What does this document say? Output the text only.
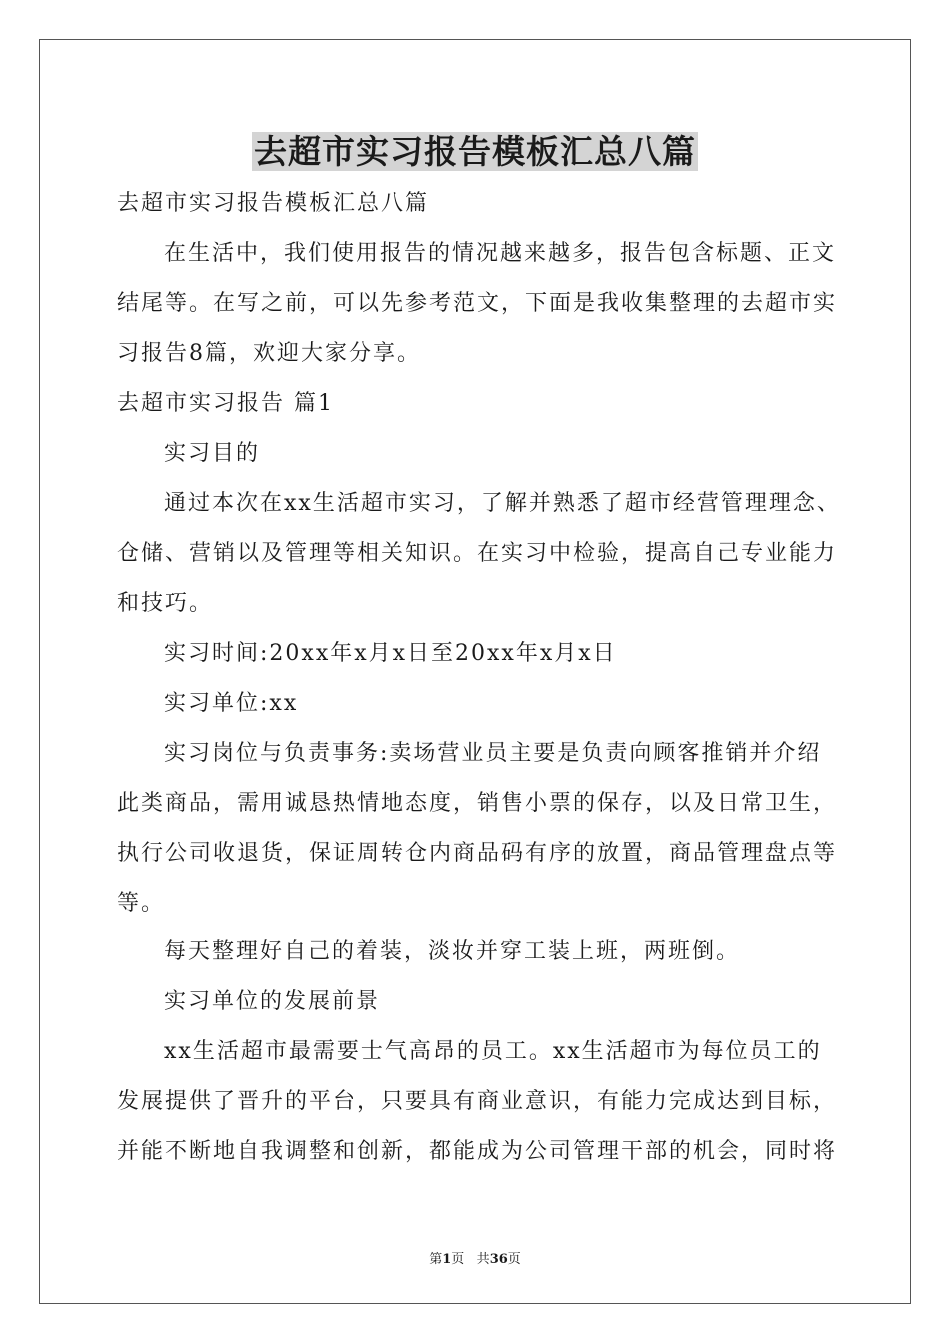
去超市实习报告模板汇总八篇
去超市实习报告模板汇总八篇
在生活中，我们使用报告的情况越来越多，报告包含标题、正文
结尾等。在写之前，可以先参考范文，下面是我收集整理的去超市实
习报告8篇，欢迎大家分享。
去超市实习报告 篇1
实习目的
通过本次在xx生活超市实习，了解并熟悉了超市经营管理理念、
仓储、营销以及管理等相关知识。在实习中检验，提高自己专业能力
和技巧。
实习时间:20xx年x月x日至20xx年x月x日
实习单位:xx
实习岗位与负责事务:卖场营业员主要是负责向顾客推销并介绍
此类商品，需用诚恳热情地态度，销售小票的保存，以及日常卫生，
执行公司收退货，保证周转仓内商品码有序的放置，商品管理盘点等
等。
每天整理好自己的着装，淡妆并穿工装上班，两班倒。
实习单位的发展前景
xx生活超市最需要士气高昂的员工。xx生活超市为每位员工的
发展提供了晋升的平台，只要具有商业意识，有能力完成达到目标，
并能不断地自我调整和创新，都能成为公司管理干部的机会，同时将
第1页 共36页
